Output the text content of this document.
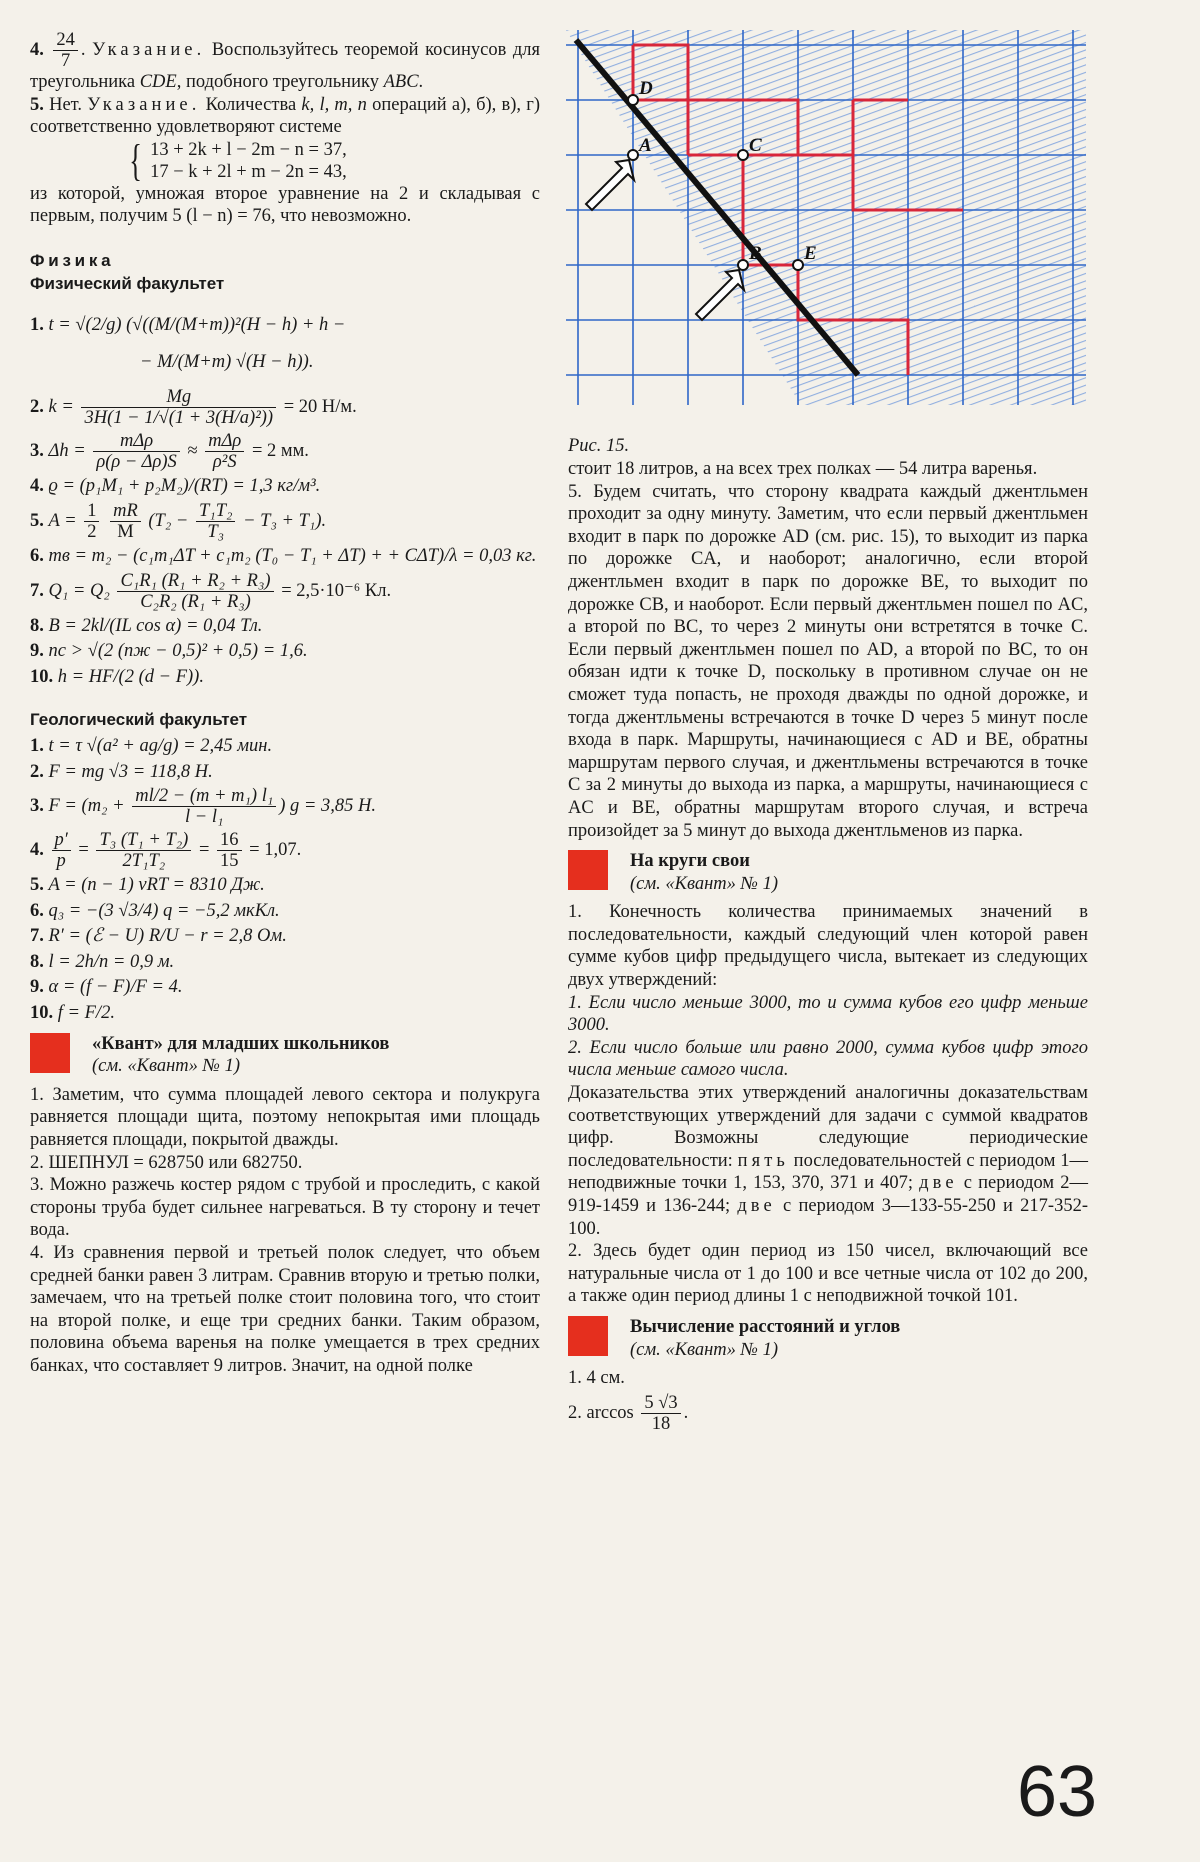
4. $\frac{24}{7}$ . Указание. Воспользуйтесь теоремой косинусов для треугольника CDE, подобного треугольнику ABC.

5. Нет. Указание. Количества k, l, m, n операций а), б), в), г) соответственно удовлетворяют системе

{ 13 + 2k + l − 2m − n = 37,
17 − k + 2l + m − 2n = 43,

из которой, умножая второе уравнение на 2 и складывая с первым, получим 5 (l − n) = 76, что невозможно.

Физика

Физический факультет

1. t = √(2/g) (√((M/(M+m))²(H − h) + h −
− M/(M+m) √(H − h)).
2. $k = \frac{Mg}{\text{3H(1 − 1/√(1 + 3(H/a)²))}} = 20$ Н/м.
3. $\Delta h = \frac{\text{mΔρ}}{\rho(\rho - \Delta\rho)S} \approx \frac{\text{mΔρ}}{\text{ρ²S}} = 2$ мм.
4. ϱ = (p₁M₁ + p₂M₂)/(RT) = 1,3 кг/м³.
5. $A = \frac{1}{2}$
$\frac{mR}{M} (T_2 - \frac{\text{T₁T₂}}{\text{T₃}} - T_3 + T_1)$.
6. mв = m₂ − (c₁m₁ΔT + c₁m₂ (T₀ − T₁ + ΔT) + + CΔT)/λ = 0,03 кг.
7. $Q_1 = Q_2 \frac{\text{C₁R₁ (R₁ + R₂ + R₃)}}{\text{C₂R₂ (R₁ + R₃)}} = 2,5\cdot 10^{-6}$ Кл.
8. B = 2kl/(IL cos α) = 0,04 Тл.
9. nс > √(2 (nж − 0,5)² + 0,5) = 1,6.
10. h = HF/(2 (d − F)).

Геологический факультет

1. t = τ √(a² + ag/g) = 2,45 мин.
2. F = mg √3 = 118,8 Н.
3. $F = (m_2 + \frac{\text{ml/2 − (m + m₁) l₁}}{\text{l − l₁}}$ ) g = 3,85 Н.
4. $\frac{p'}{p} = \frac{\text{T₃ (T₁ + T₂)}}{\text{2T₁T₂}} = \frac{16}{15} = 1,07$.
5. A = (n − 1) νRT = 8310 Дж.
6. q₃ = −(3 √3/4) q = −5,2 мкКл.
7. R′ = (ℰ − U) R/U − r = 2,8 Ом.
8. l = 2h/n = 0,9 м.
9. α = (f − F)/F = 4.
10. f = F/2.
«Квант» для младших школьников
(см. «Квант» № 1)

1. Заметим, что сумма площадей левого сектора и полукруга равняется площади щита, поэтому непокрытая ими площадь равняется площади, покрытой дважды.

2. ШЕПНУЛ = 628750 или 682750.

3. Можно разжечь костер рядом с трубой и проследить, с какой стороны труба будет сильнее нагреваться. В ту сторону и течет вода.

4. Из сравнения первой и третьей полок следует, что объем средней банки равен 3 литрам. Сравнив вторую и третью полки, замечаем, что на третьей полке стоит половина того, что стоит на второй полке, и еще три средних банки. Таким образом, половина объема варенья на полке умещается в трех средних банках, что составляет 9 литров. Значит, на одной полке

D
A	C
B E
Рис. 15.

стоит 18 литров, а на всех трех полках — 54 литра варенья.

5. Будем считать, что сторону квадрата каждый джентльмен проходит за одну минуту. Заметим, что если первый джентльмен входит в парк по дорожке AD (см. рис. 15), то выходит из парка по дорожке CA, и наоборот; аналогично, если второй джентльмен входит в парк по дорожке BE, то выходит по дорожке CB, и наоборот. Если первый джентльмен пошел по AC, а второй по BC, то через 2 минуты они встретятся в точке C. Если первый джентльмен пошел по AD, а второй по BC, то он обязан идти к точке D, поскольку в противном случае он не сможет туда попасть, не проходя дважды по одной дорожке, и тогда джентльмены встречаются в точке D через 5 минут после входа в парк. Маршруты, начинающиеся с AD и BE, обратны маршрутам первого случая, и джентльмены встречаются в точке C за 2 минуты до выхода из парка, а маршруты, начинающиеся с AC и BE, обратны маршрутам второго случая, и встреча произойдет за 5 минут до выхода джентльменов из парка.

На круги свои
(см. «Квант» № 1)

1. Конечность количества принимаемых значений в последовательности, каждый следующий член которой равен сумме кубов цифр предыдущего числа, вытекает из следующих двух утверждений:

1. Если число меньше 3000, то и сумма кубов его цифр меньше 3000.

2. Если число больше или равно 2000, сумма кубов цифр этого числа меньше самого числа.

Доказательства этих утверждений аналогичны доказательствам соответствующих утверждений для задачи с суммой квадратов цифр. Возможны следующие периодические последовательности: пять последовательностей с периодом 1—неподвижные точки 1, 153, 370, 371 и 407; две с периодом 2—919-1459 и 136-244; две с периодом 3—133-55-250 и 217-352-100.

2. Здесь будет один период из 150 чисел, включающий все натуральные числа от 1 до 100 и все четные числа от 102 до 200, а также один период длины 1 с неподвижной точкой 101.

Вычисление расстояний и углов
(см. «Квант» № 1)

1. 4 см.

2. $\arccos \frac{5 √3}{18}$ .
63
